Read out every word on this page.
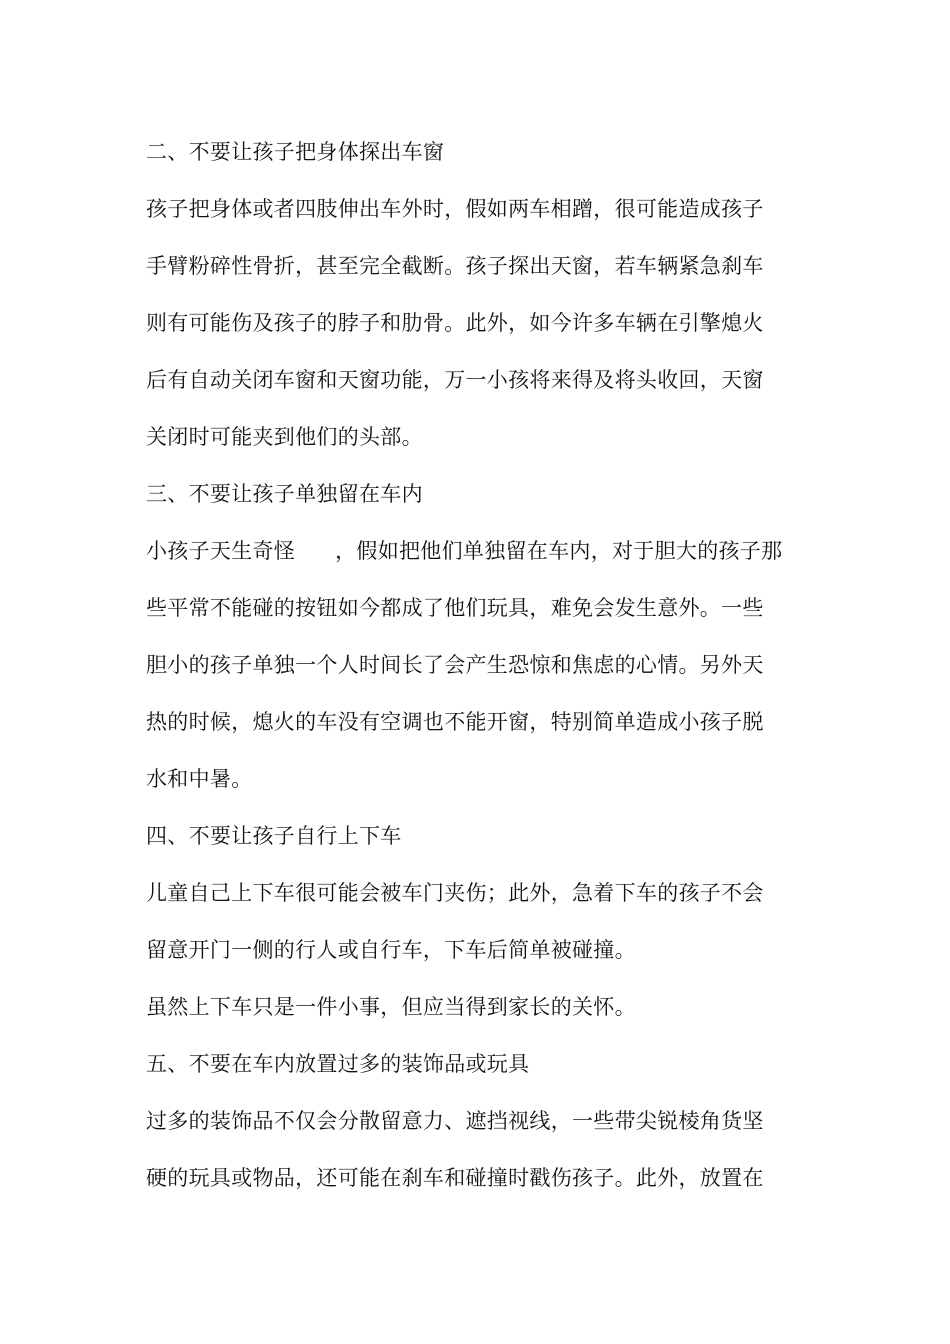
二、不要让孩子把身体探出车窗
孩子把身体或者四肢伸出车外时，假如两车相蹭，很可能造成孩子
手臂粉碎性骨折，甚至完全截断。孩子探出天窗，若车辆紧急刹车
则有可能伤及孩子的脖子和肋骨。此外，如今许多车辆在引擎熄火
后有自动关闭车窗和天窗功能，万一小孩将来得及将头收回，天窗
关闭时可能夹到他们的头部。
三、不要让孩子单独留在车内
小孩子天生奇怪 ，假如把他们单独留在车内，对于胆大的孩子那
些平常不能碰的按钮如今都成了他们玩具，难免会发生意外。一些
胆小的孩子单独一个人时间长了会产生恐惊和焦虑的心情。另外天
热的时候，熄火的车没有空调也不能开窗，特别简单造成小孩子脱
水和中暑。
四、不要让孩子自行上下车
儿童自己上下车很可能会被车门夹伤；此外，急着下车的孩子不会
留意开门一侧的行人或自行车，下车后简单被碰撞。
虽然上下车只是一件小事，但应当得到家长的关怀。
五、不要在车内放置过多的装饰品或玩具
过多的装饰品不仅会分散留意力、遮挡视线，一些带尖锐棱角货坚
硬的玩具或物品，还可能在刹车和碰撞时戳伤孩子。此外，放置在
